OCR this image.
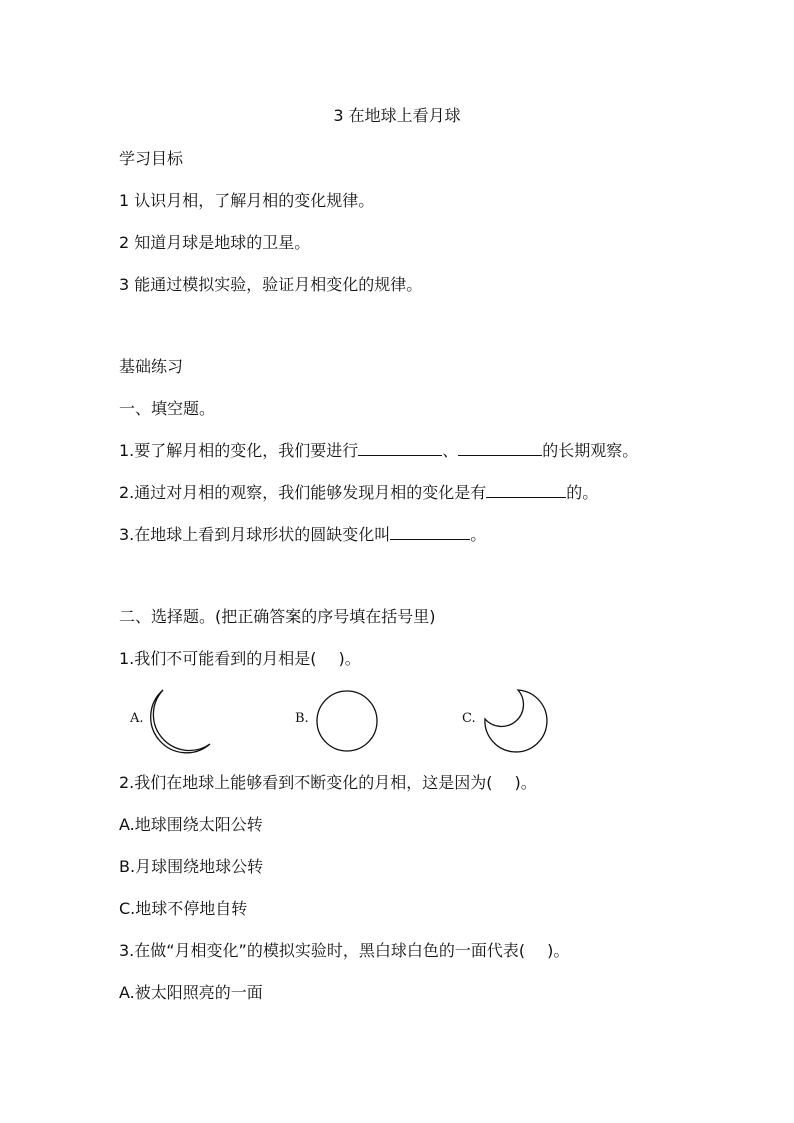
3 在地球上看月球
学习目标
1 认识月相，了解月相的变化规律。
2 知道月球是地球的卫星。
3 能通过模拟实验，验证月相变化的规律。
基础练习
一、填空题。
1.要了解月相的变化，我们要进行	、	的长期观察。
2.通过对月相的观察，我们能够发现月相的变化是有	的。
3.在地球上看到月球形状的圆缺变化叫	。
二、选择题。(把正确答案的序号填在括号里)
1.我们不可能看到的月相是( )。
A.	B.	C.
2.我们在地球上能够看到不断变化的月相，这是因为( )。
A.地球围绕太阳公转
B.月球围绕地球公转
C.地球不停地自转
3.在做“月相变化”的模拟实验时，黑白球白色的一面代表( )。
A.被太阳照亮的一面
